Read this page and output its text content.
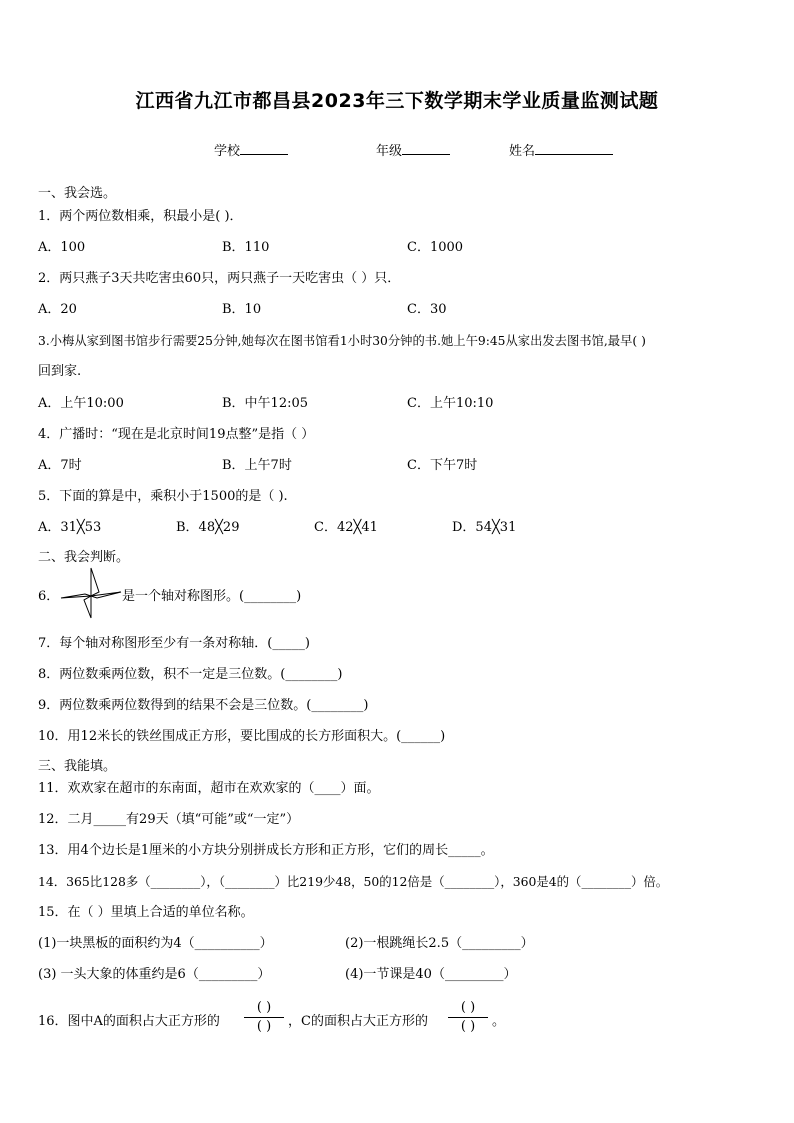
江西省九江市都昌县2023年三下数学期末学业质量监测试题
学校	年级	姓名
一、我会选。
1．两个两位数相乘，积最小是( )．
A．100	B．110	C．1000
2．两只燕子3天共吃害虫60只，两只燕子一天吃害虫（ ）只．
A．20	B．10	C．30
3.小梅从家到图书馆步行需要25分钟,她每次在图书馆看1小时30分钟的书.她上午9:45从家出发去图书馆,最早( )
回到家.
A．上午10:00	B．中午12:05	C．上午10:10
4．广播时：“现在是北京时间19点整”是指（ ）
A．7时	B．上午7时	C．下午7时
5．下面的算是中，乘积小于1500的是（ ).
A．31╳53	B．48╳29	C．42╳41	D．54╳31
二、我会判断。
6．	是一个轴对称图形。(________)
7．每个轴对称图形至少有一条对称轴．(_____)
8．两位数乘两位数，积不一定是三位数。(________)
9．两位数乘两位数得到的结果不会是三位数。(________)
10．用12米长的铁丝围成正方形，要比围成的长方形面积大。(______)
三、我能填。
11．欢欢家在超市的东南面，超市在欢欢家的（____）面。
12．二月_____有29天（填“可能”或“一定”）
13．用4个边长是1厘米的小方块分别拼成长方形和正方形，它们的周长_____。
14．365比128多（________），（________）比219少48，50的12倍是（________），360是4的（________）倍。
15．在（ ）里填上合适的单位名称。
(1)一块黑板的面积约为4（__________）	(2)一根跳绳长2.5（_________）
(3) 一头大象的体重约是6（_________）	(4)一节课是40（_________）
16．图中A的面积占大正方形的
( )
( )	，C的面积占大正方形的
( )
( )	。
